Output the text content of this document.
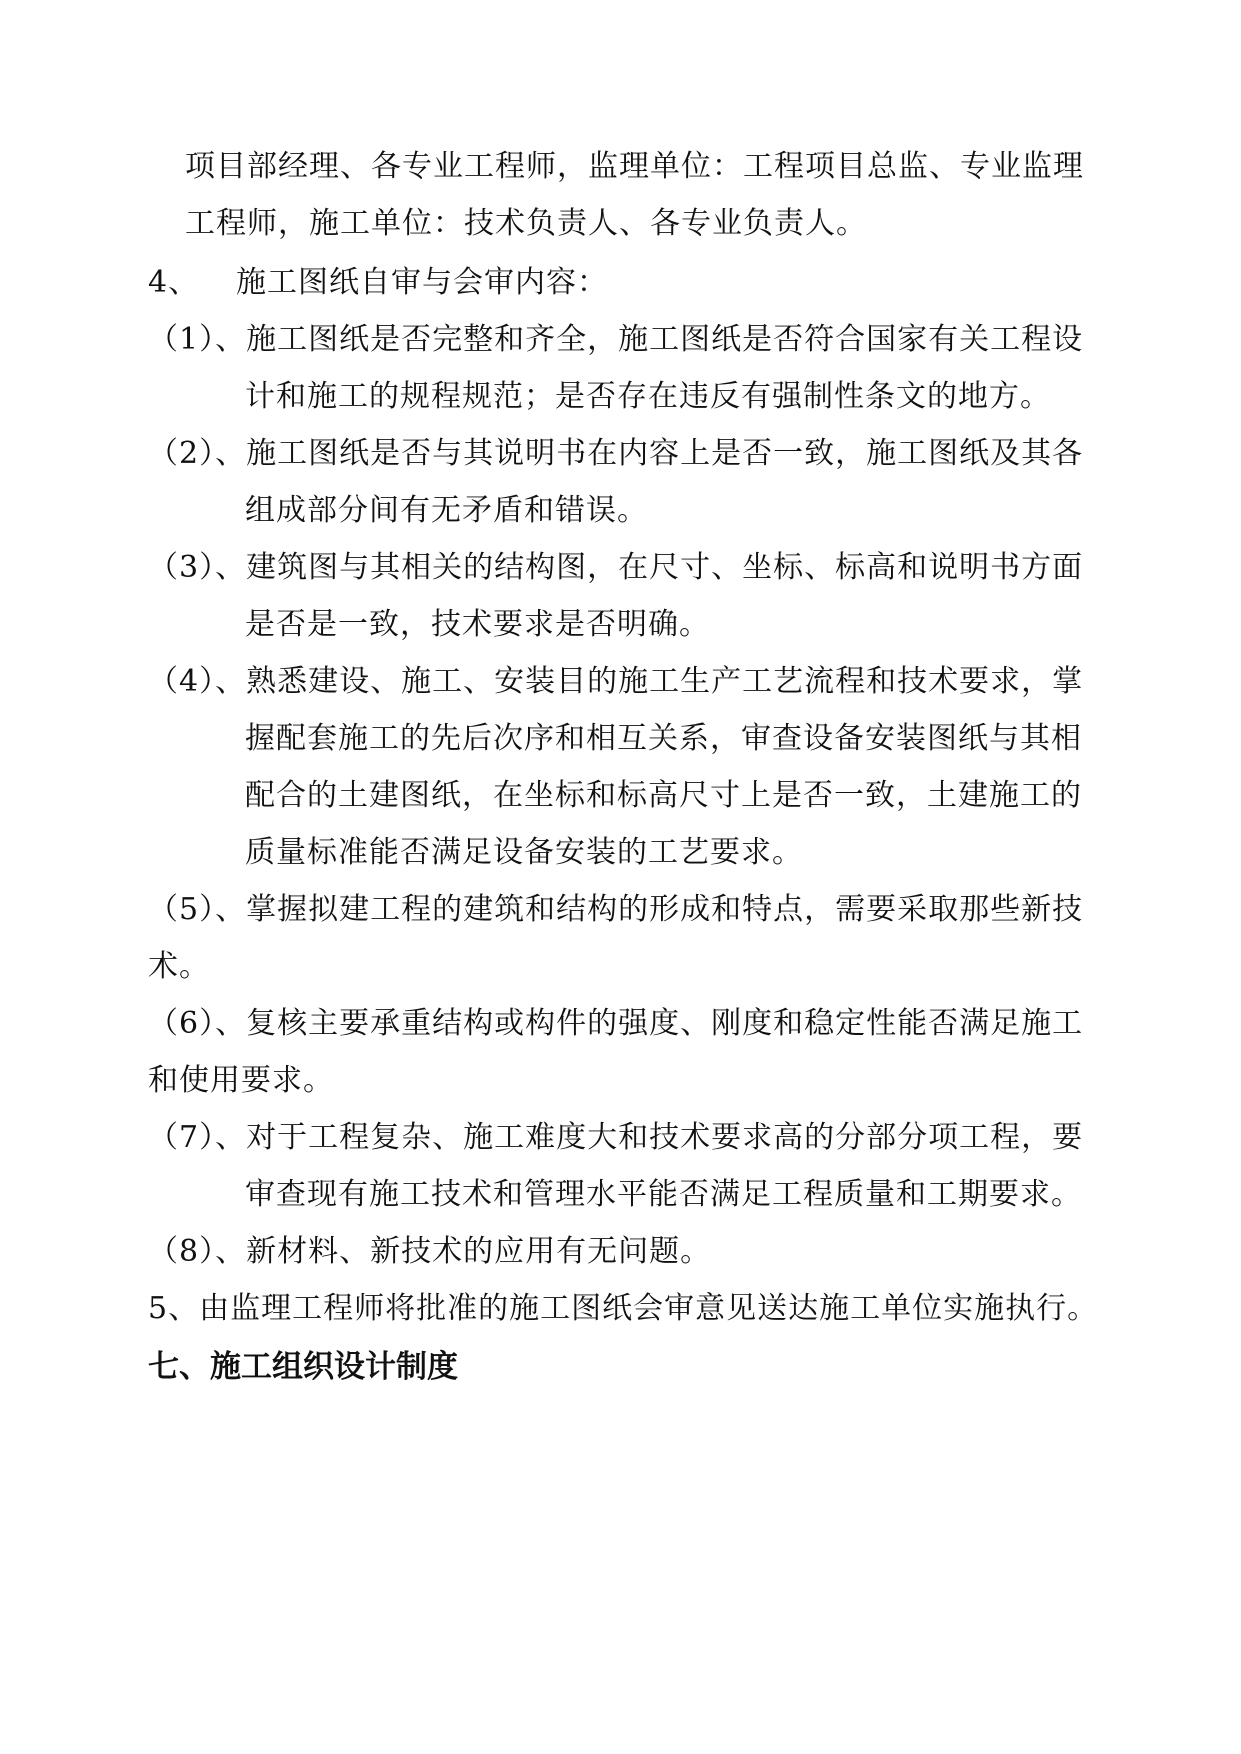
项目部经理、各专业工程师，监理单位：工程项目总监、专业监理
工程师，施工单位：技术负责人、各专业负责人。
4、 施工图纸自审与会审内容：
（1）、施工图纸是否完整和齐全，施工图纸是否符合国家有关工程设
计和施工的规程规范；是否存在违反有强制性条文的地方。
（2）、施工图纸是否与其说明书在内容上是否一致，施工图纸及其各
组成部分间有无矛盾和错误。
（3）、建筑图与其相关的结构图，在尺寸、坐标、标高和说明书方面
是否是一致，技术要求是否明确。
（4）、熟悉建设、施工、安装目的施工生产工艺流程和技术要求，掌
握配套施工的先后次序和相互关系，审查设备安装图纸与其相
配合的土建图纸，在坐标和标高尺寸上是否一致，土建施工的
质量标准能否满足设备安装的工艺要求。
（5）、掌握拟建工程的建筑和结构的形成和特点，需要采取那些新技
术。
（6）、复核主要承重结构或构件的强度、刚度和稳定性能否满足施工
和使用要求。
（7）、对于工程复杂、施工难度大和技术要求高的分部分项工程，要
审查现有施工技术和管理水平能否满足工程质量和工期要求。
（8）、新材料、新技术的应用有无问题。
5、由监理工程师将批准的施工图纸会审意见送达施工单位实施执行。
七、施工组织设计制度
